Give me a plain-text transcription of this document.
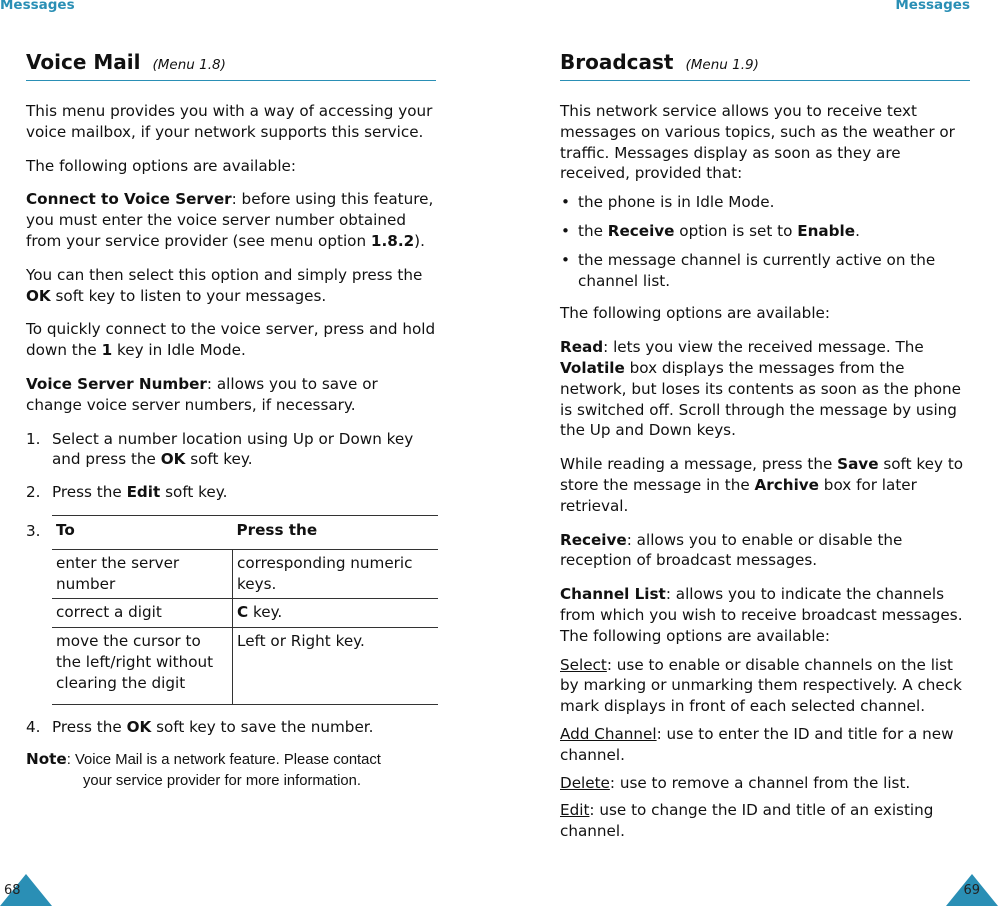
Messages
Voice Mail (Menu 1.8)

This menu provides you with a way of accessing your voice mailbox, if your network supports this service.

The following options are available:

Connect to Voice Server: before using this feature, you must enter the voice server number obtained from your service provider (see menu option 1.8.2).

You can then select this option and simply press the OK soft key to listen to your messages.

To quickly connect to the voice server, press and hold down the 1 key in Idle Mode.

Voice Server Number: allows you to save or change voice server numbers, if necessary.

1. Select a number location using Up or Down key and press the OK soft key.
2. Press the Edit soft key.
3. To	Press the
enter the server number	corresponding numeric keys.
correct a digit	C key.
move the cursor to the left/right without clearing the digit	Left or Right key.
4. Press the OK soft key to save the number.
Note: Voice Mail is a network feature. Please contact
your service provider for more information.
68
Messages
Broadcast (Menu 1.9)

This network service allows you to receive text messages on various topics, such as the weather or traffic. Messages display as soon as they are received, provided that:

• the phone is in Idle Mode.
• the Receive option is set to Enable.
• the message channel is currently active on the channel list.

The following options are available:

Read: lets you view the received message. The Volatile box displays the messages from the network, but loses its contents as soon as the phone is switched off. Scroll through the message by using the Up and Down keys.

While reading a message, press the Save soft key to store the message in the Archive box for later retrieval.

Receive: allows you to enable or disable the reception of broadcast messages.

Channel List: allows you to indicate the channels from which you wish to receive broadcast messages. The following options are available:

Select: use to enable or disable channels on the list by marking or unmarking them respectively. A check mark displays in front of each selected channel.
Add Channel: use to enter the ID and title for a new channel.
Delete: use to remove a channel from the list.
Edit: use to change the ID and title of an existing channel.
69
